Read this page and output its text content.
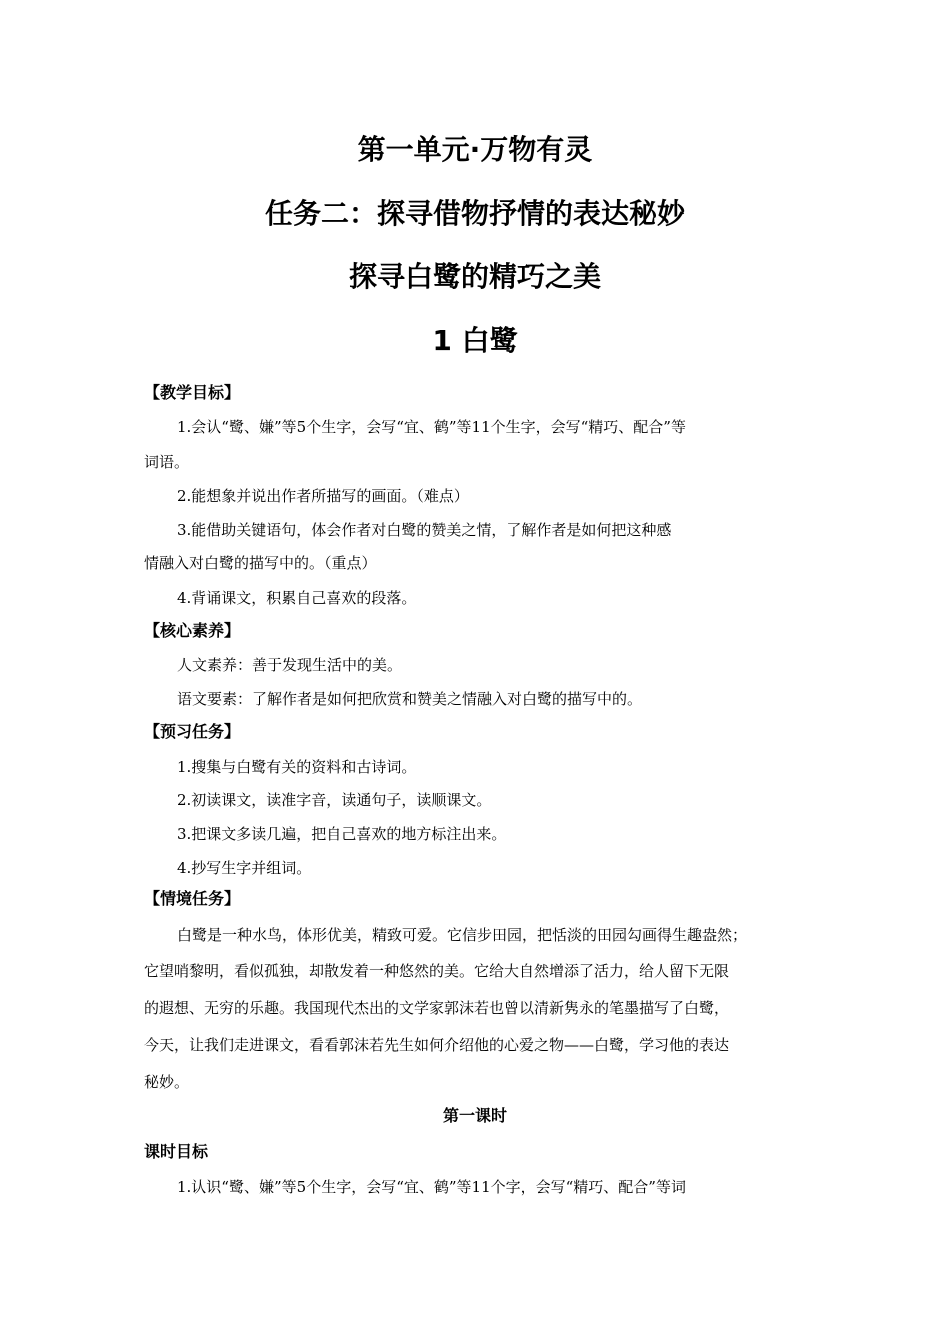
第一单元·万物有灵
任务二：探寻借物抒情的表达秘妙
探寻白鹭的精巧之美
1 白鹭
【教学目标】
1.会认“鹭、嫌”等5个生字，会写“宜、鹤”等11个生字，会写“精巧、配合”等
词语。
2.能想象并说出作者所描写的画面。（难点）
3.能借助关键语句，体会作者对白鹭的赞美之情，了解作者是如何把这种感
情融入对白鹭的描写中的。（重点）
4.背诵课文，积累自己喜欢的段落。
【核心素养】
人文素养：善于发现生活中的美。
语文要素：了解作者是如何把欣赏和赞美之情融入对白鹭的描写中的。
【预习任务】
1.搜集与白鹭有关的资料和古诗词。
2.初读课文，读准字音，读通句子，读顺课文。
3.把课文多读几遍，把自己喜欢的地方标注出来。
4.抄写生字并组词。
【情境任务】
白鹭是一种水鸟，体形优美，精致可爱。它信步田园，把恬淡的田园勾画得生趣盎然；
它望哨黎明，看似孤独，却散发着一种悠然的美。它给大自然增添了活力，给人留下无限
的遐想、无穷的乐趣。我国现代杰出的文学家郭沫若也曾以清新隽永的笔墨描写了白鹭，
今天，让我们走进课文，看看郭沫若先生如何介绍他的心爱之物——白鹭，学习他的表达
秘妙。
第一课时
课时目标
1.认识“鹭、嫌”等5个生字，会写“宜、鹤”等11个字，会写“精巧、配合”等词
